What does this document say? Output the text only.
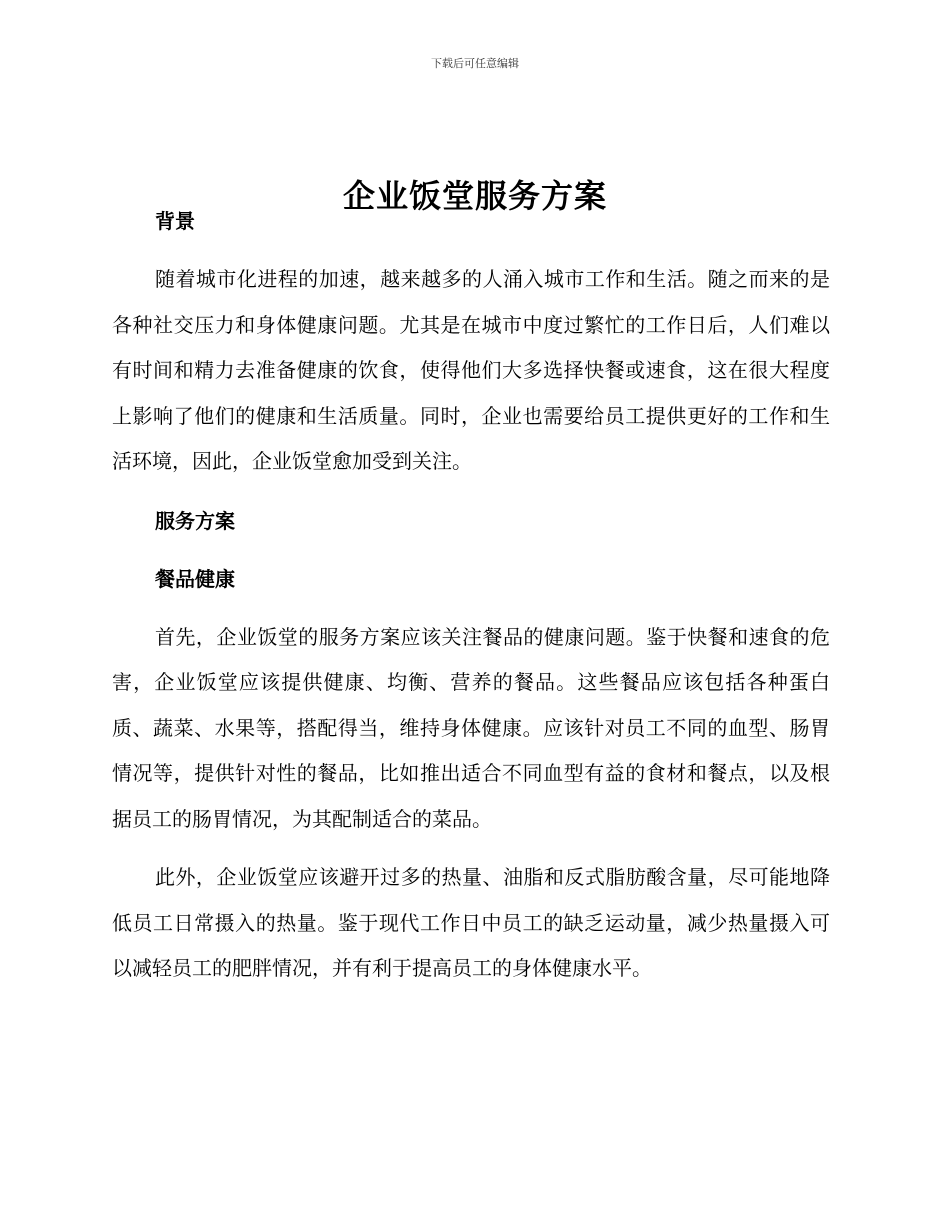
下载后可任意编辑
企业饭堂服务方案

背景

随着城市化进程的加速，越来越多的人涌入城市工作和生活。随之而来的是各种社交压力和身体健康问题。尤其是在城市中度过繁忙的工作日后，人们难以有时间和精力去准备健康的饮食，使得他们大多选择快餐或速食，这在很大程度上影响了他们的健康和生活质量。同时，企业也需要给员工提供更好的工作和生活环境，因此，企业饭堂愈加受到关注。

服务方案

餐品健康

首先，企业饭堂的服务方案应该关注餐品的健康问题。鉴于快餐和速食的危害，企业饭堂应该提供健康、均衡、营养的餐品。这些餐品应该包括各种蛋白质、蔬菜、水果等，搭配得当，维持身体健康。应该针对员工不同的血型、肠胃情况等，提供针对性的餐品，比如推出适合不同血型有益的食材和餐点，以及根据员工的肠胃情况，为其配制适合的菜品。

此外，企业饭堂应该避开过多的热量、油脂和反式脂肪酸含量，尽可能地降低员工日常摄入的热量。鉴于现代工作日中员工的缺乏运动量，减少热量摄入可以减轻员工的肥胖情况，并有利于提高员工的身体健康水平。
